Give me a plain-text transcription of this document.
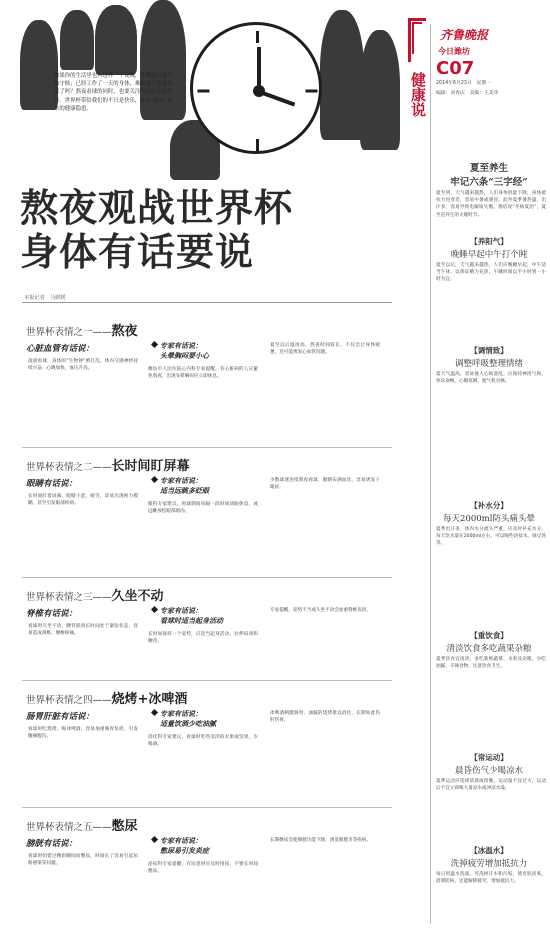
如果你的生活里也有这样一个夜晚，在晚饭后就开始守候；已经工作了一天的身体，难道就不需要休息了吗？熬夜看球的同时，也要关注身体发出的信号。世界杯带给我们的不只是快乐，还有“熬夜”带来的健康隐患。
熬夜观战世界杯
身体有话要说
本报记者　马媛媛
健康说
齐鲁晚报
今日潍坊
C07
2014年6月23日　星期一
编辑：刘春庆　美编：王美华
夏至养生
牢记六条“三字经”
夏至到，天气越来越热，人们身体机能下降，身体抵抗力也变差，容易中暑或感冒。此外夏季暑热盛，出汗多，容易导致电解质失衡。俗话说“冬病夏治”，夏至是养生的关键时节。
【养阳气】
晚睡早起中午打个盹
夏至以后，天气越来越热，人们应晚睡早起，中午适当午休，以保证精力充沛。午睡时间以半小时到一小时为宜。
【调情致】
调整呼吸整理情绪
夏天气温高，容易使人心烦意乱。应保持神清气和，快乐欢畅，心胸宽阔，使气机宣畅。
【补水分】
每天2000ml防头痛头晕
夏季出汗多，体内水分流失严重，应及时补充水分。每天饮水量在2000ml左右，可以喝些淡盐水、绿豆汤等。
【重饮食】
清淡饮食多吃蔬果杂粮
夏季饮食宜清淡，多吃新鲜蔬菜、水果及杂粮，少吃油腻、辛辣食物，注意饮食卫生。
【常运动】
晨昏伤气少喝凉水
夏季运动应选择清晨或傍晚，运动量不宜过大，运动后不宜立即喝大量凉水或冲凉水澡。
【冰温水】
洗掉疲劳增加抵抗力
每日用温水洗澡，可洗掉汗水和污垢，使皮肤清爽，消暑防病，还能解除疲劳，增加抵抗力。
世界杯表情之一——熬夜
心脏血管有话说：
凌晨看球，身体的“生物钟”被打乱，体内交感神经持续兴奋，心跳加快，血压升高。
专家有话说：
头晕胸闷要小心
潍坊市人民医院心内科专家提醒，有心脏病的人应避免熬夜，出现头晕胸闷应立即休息。
夏至以后温度高，熬夜时间较长，不仅会让身体疲惫，还可能诱发心血管问题。
世界杯表情之二——长时间盯屏幕
眼睛有话说：
长时间盯着屏幕，眼睛干涩、疲劳，容易出现视力模糊，甚至引发眼部疾病。
专家有话说：
适当远眺多眨眼
眼科专家建议，看球期间每隔一段时间闭眼休息，或远眺放松眼部肌肉。
少数球迷连续熬夜看球，眼睛布满血丝，容易诱发干眼症。
世界杯表情之三——久坐不动
脊椎有话说：
看球时久坐不动，腰背肌肉长时间处于紧张状态，容易造成颈椎、腰椎疼痛。
专家有话说：
看球时适当起身活动
长时间保持一个姿势，应适当起身活动，拉伸肩颈和腰背。
专家提醒，姿势不当或久坐不动会加重脊椎负担。
世界杯表情之四——烧烤+冰啤酒
肠胃肝脏有话说：
看球时吃烧烤、喝冰啤酒，容易加重肠胃负担，引发腹痛腹泻。
专家有话说：
适量饮酒少吃油腻
消化科专家建议，看球时吃些清淡的水果或坚果，少喝酒。
冰啤酒刺激肠胃，油腻的烧烤难以消化，长期如此伤肝伤胃。
世界杯表情之五——憋尿
膀胱有话说：
看球时怕错过精彩瞬间而憋尿，时间长了容易引起尿路感染等问题。
专家有话说：
憋尿易引发炎症
泌尿科专家提醒，有尿意时应及时排尿，不要长时间憋尿。
长期憋尿会使膀胱功能下降，诱发膀胱炎等疾病。
